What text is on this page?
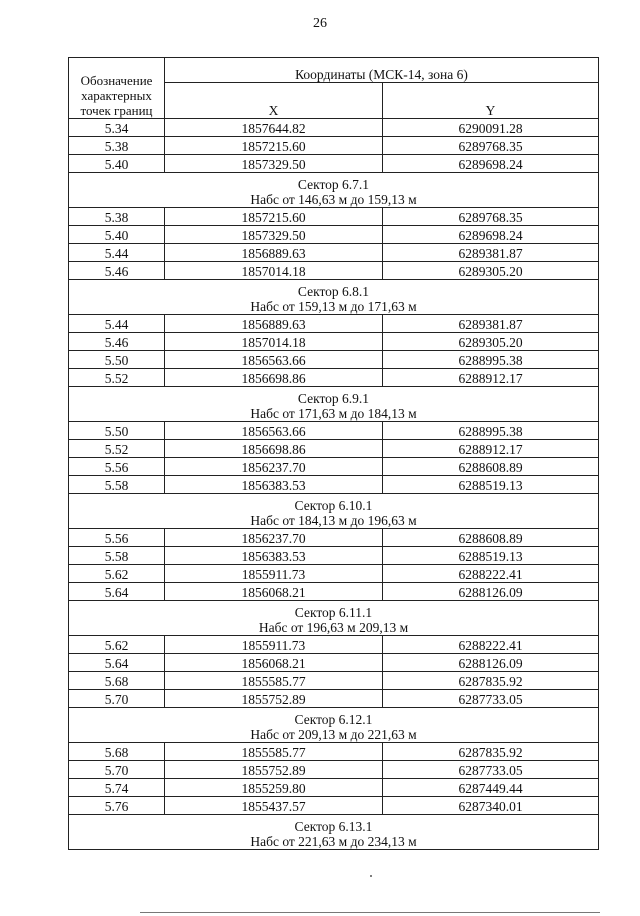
26
Обозначение характерных точек границ	Координаты (МСК-14, зона 6)	
	X	Y
5.34	1857644.82	6290091.28
5.38	1857215.60	6289768.35
5.40	1857329.50	6289698.24

Сектор 6.7.1
Набс от 146,63 м до 159,13 м		

5.38	1857215.60	6289768.35
5.40	1857329.50	6289698.24
5.44	1856889.63	6289381.87
5.46	1857014.18	6289305.20

Сектор 6.8.1
Набс от 159,13 м до 171,63 м		

5.44	1856889.63	6289381.87
5.46	1857014.18	6289305.20
5.50	1856563.66	6288995.38
5.52	1856698.86	6288912.17

Сектор 6.9.1
Набс от 171,63 м до 184,13 м		

5.50	1856563.66	6288995.38
5.52	1856698.86	6288912.17
5.56	1856237.70	6288608.89
5.58	1856383.53	6288519.13

Сектор 6.10.1
Набс от 184,13 м до 196,63 м		

5.56	1856237.70	6288608.89
5.58	1856383.53	6288519.13
5.62	1855911.73	6288222.41
5.64	1856068.21	6288126.09

Сектор 6.11.1
Набс от 196,63 м 209,13 м		

5.62	1855911.73	6288222.41
5.64	1856068.21	6288126.09
5.68	1855585.77	6287835.92
5.70	1855752.89	6287733.05

Сектор 6.12.1
Набс от 209,13 м до 221,63 м		

5.68	1855585.77	6287835.92
5.70	1855752.89	6287733.05
5.74	1855259.80	6287449.44
5.76	1855437.57	6287340.01

Сектор 6.13.1
Набс от 221,63 м до 234,13 м		
